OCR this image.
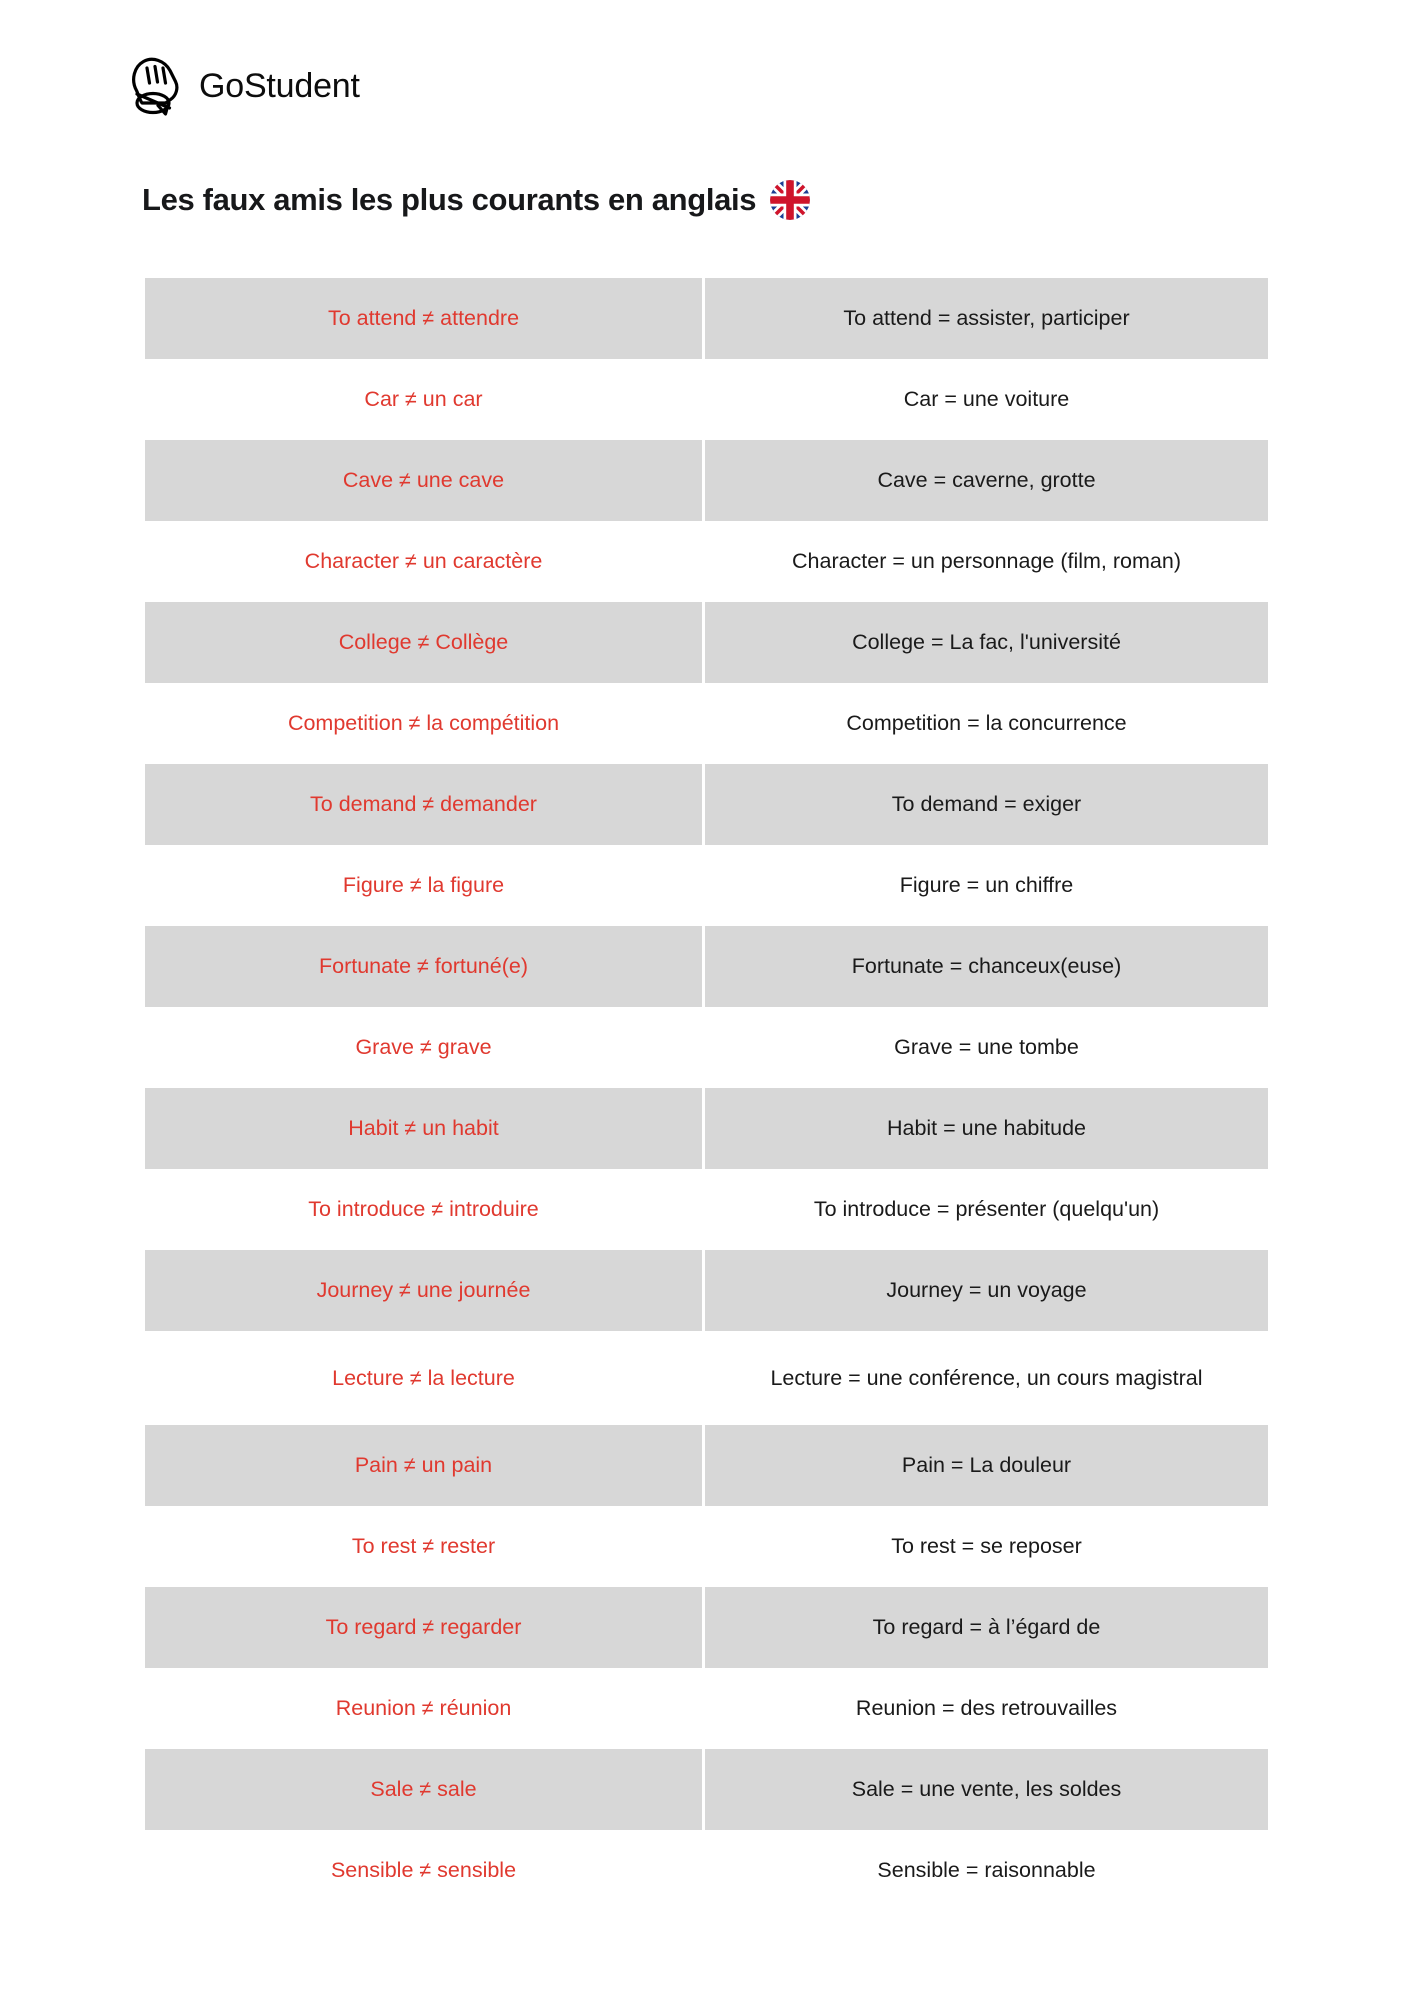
GoStudent
Les faux amis les plus courants en anglais
To attend ≠ attendre	To attend = assister, participer
Car ≠ un car	Car = une voiture
Cave ≠ une cave	Cave = caverne, grotte
Character ≠ un caractère	Character = un personnage (film, roman)
College ≠ Collège	College = La fac, l'université
Competition ≠ la compétition	Competition = la concurrence
To demand ≠ demander	To demand = exiger
Figure ≠ la figure	Figure = un chiffre
Fortunate ≠ fortuné(e)	Fortunate = chanceux(euse)
Grave ≠ grave	Grave = une tombe
Habit ≠ un habit	Habit = une habitude
To introduce ≠ introduire	To introduce = présenter (quelqu'un)
Journey ≠ une journée	Journey = un voyage
Lecture ≠ la lecture	Lecture = une conférence, un cours magistral
Pain ≠ un pain	Pain = La douleur
To rest ≠ rester	To rest = se reposer
To regard ≠ regarder	To regard = à l’égard de
Reunion ≠ réunion	Reunion = des retrouvailles
Sale ≠ sale	Sale = une vente, les soldes
Sensible ≠ sensible	Sensible = raisonnable
